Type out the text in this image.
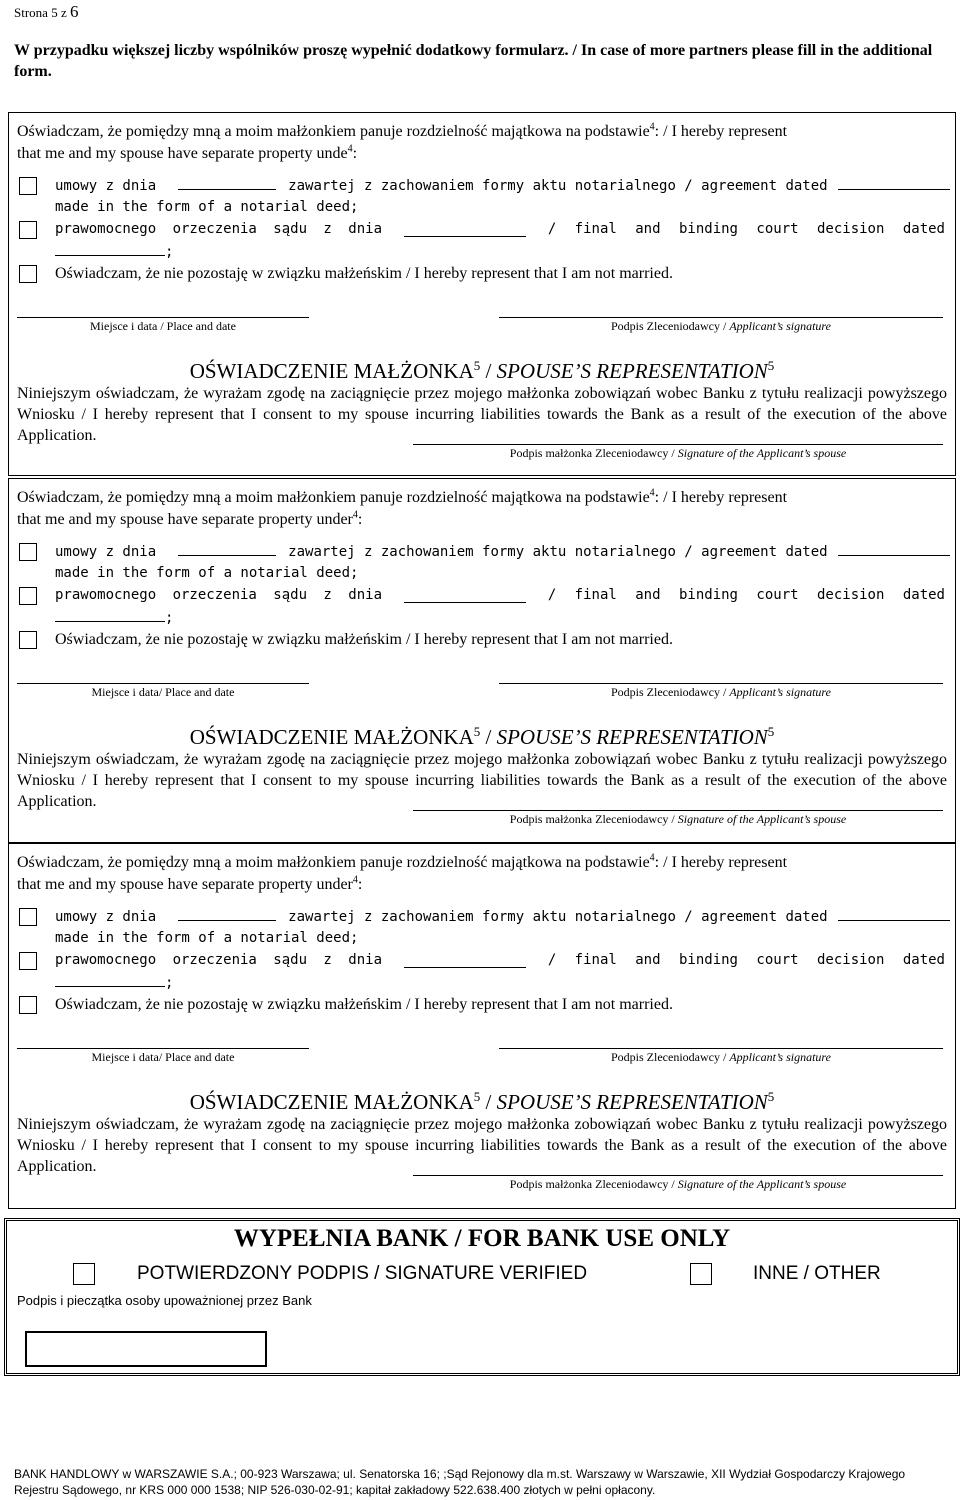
Strona 5 z 6
W przypadku większej liczby wspólników proszę wypełnić dodatkowy formularz. / In case of more partners please fill in the additional form.
Oświadczam, że pomiędzy mną a moim małżonkiem panuje rozdzielność majątkowa na podstawie$^4$: / I hereby represent
that me and my spouse have separate property unde$^4$:
umowy z dnia	zawartej z zachowaniem formy aktu notarialnego / agreement dated
made in the form of a notarial deed;
prawomocnego orzeczenia sądu z dnia	/ final and binding court decision dated
;
Oświadczam, że nie pozostaję w związku małżeńskim / I hereby represent that I am not married.
Miejsce i data / Place and date	Podpis Zleceniodawcy / Applicant’s signature
OŚWIADCZENIE MAŁŻONKA$^5$ / SPOUSE’S REPRESENTATION$^5$
Niniejszym oświadczam, że wyrażam zgodę na zaciągnięcie przez mojego małżonka zobowiązań wobec Banku z tytułu realizacji powyższego Wniosku / I hereby represent that I consent to my spouse incurring liabilities towards the Bank as a result of the execution of the above Application.
Podpis małżonka Zleceniodawcy / Signature of the Applicant’s spouse
Oświadczam, że pomiędzy mną a moim małżonkiem panuje rozdzielność majątkowa na podstawie$^4$: / I hereby represent
that me and my spouse have separate property under$^4$:
umowy z dnia	zawartej z zachowaniem formy aktu notarialnego / agreement dated
made in the form of a notarial deed;
prawomocnego orzeczenia sądu z dnia	/ final and binding court decision dated
;
Oświadczam, że nie pozostaję w związku małżeńskim / I hereby represent that I am not married.
Miejsce i data/ Place and date	Podpis Zleceniodawcy / Applicant’s signature
OŚWIADCZENIE MAŁŻONKA$^5$ / SPOUSE’S REPRESENTATION$^5$
Niniejszym oświadczam, że wyrażam zgodę na zaciągnięcie przez mojego małżonka zobowiązań wobec Banku z tytułu realizacji powyższego Wniosku / I hereby represent that I consent to my spouse incurring liabilities towards the Bank as a result of the execution of the above Application.
Podpis małżonka Zleceniodawcy / Signature of the Applicant’s spouse
Oświadczam, że pomiędzy mną a moim małżonkiem panuje rozdzielność majątkowa na podstawie$^4$: / I hereby represent
that me and my spouse have separate property under$^4$:
umowy z dnia	zawartej z zachowaniem formy aktu notarialnego / agreement dated
made in the form of a notarial deed;
prawomocnego orzeczenia sądu z dnia	/ final and binding court decision dated
;
Oświadczam, że nie pozostaję w związku małżeńskim / I hereby represent that I am not married.
Miejsce i data/ Place and date	Podpis Zleceniodawcy / Applicant’s signature
OŚWIADCZENIE MAŁŻONKA$^5$ / SPOUSE’S REPRESENTATION$^5$
Niniejszym oświadczam, że wyrażam zgodę na zaciągnięcie przez mojego małżonka zobowiązań wobec Banku z tytułu realizacji powyższego Wniosku / I hereby represent that I consent to my spouse incurring liabilities towards the Bank as a result of the execution of the above Application.
Podpis małżonka Zleceniodawcy / Signature of the Applicant’s spouse
WYPEŁNIA BANK / FOR BANK USE ONLY
POTWIERDZONY PODPIS / SIGNATURE VERIFIED	INNE / OTHER
Podpis i pieczątka osoby upoważnionej przez Bank
BANK HANDLOWY w WARSZAWIE S.A.; 00-923 Warszawa; ul. Senatorska 16; ;Sąd Rejonowy dla m.st. Warszawy w Warszawie, XII Wydział Gospodarczy Krajowego
Rejestru Sądowego, nr KRS 000 000 1538; NIP 526-030-02-91; kapitał zakładowy 522.638.400 złotych w pełni opłacony.
